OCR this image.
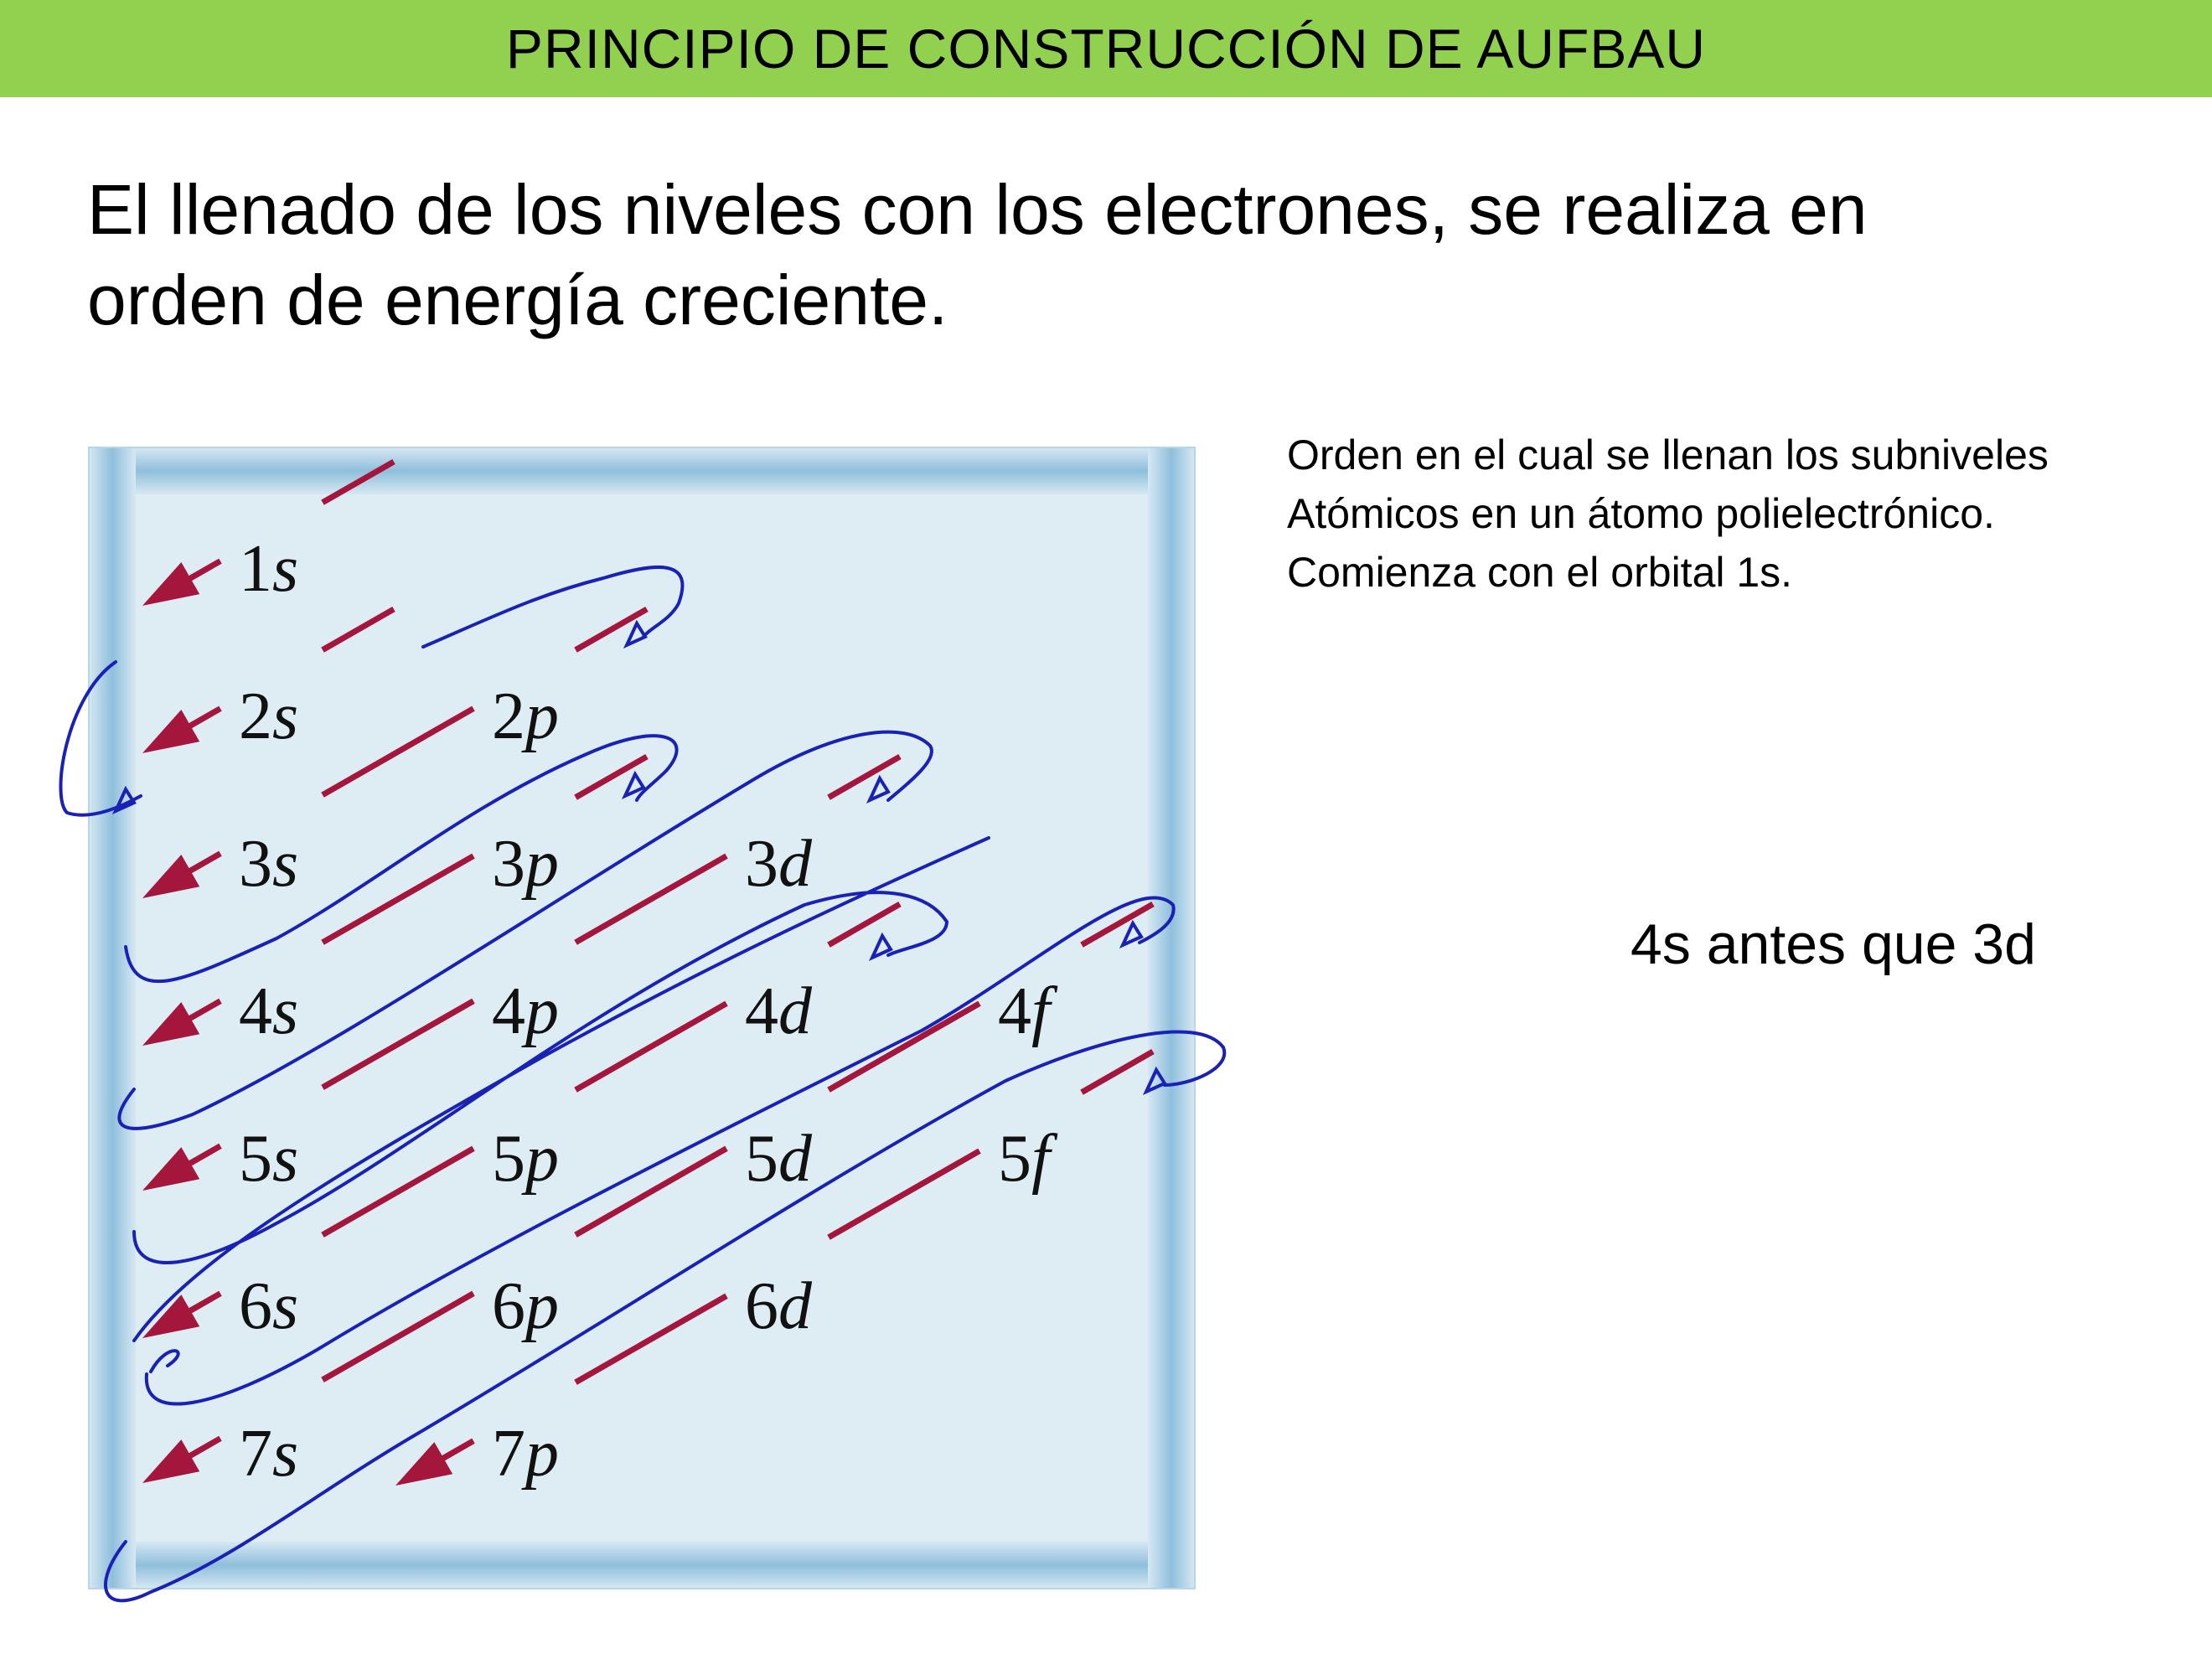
PRINCIPIO DE CONSTRUCCIÓN DE AUFBAU
El llenado de los niveles con los electrones, se realiza en
orden de energía creciente.
1s
2s	2p
3s	3p	3d
4s	4p	4d	4f
5s	5p	5d	5f
6s	6p	6d
7s	7p
Orden en el cual se llenan los subniveles
Atómicos en un átomo polielectrónico.
Comienza con el orbital 1s.
4s antes que 3d
